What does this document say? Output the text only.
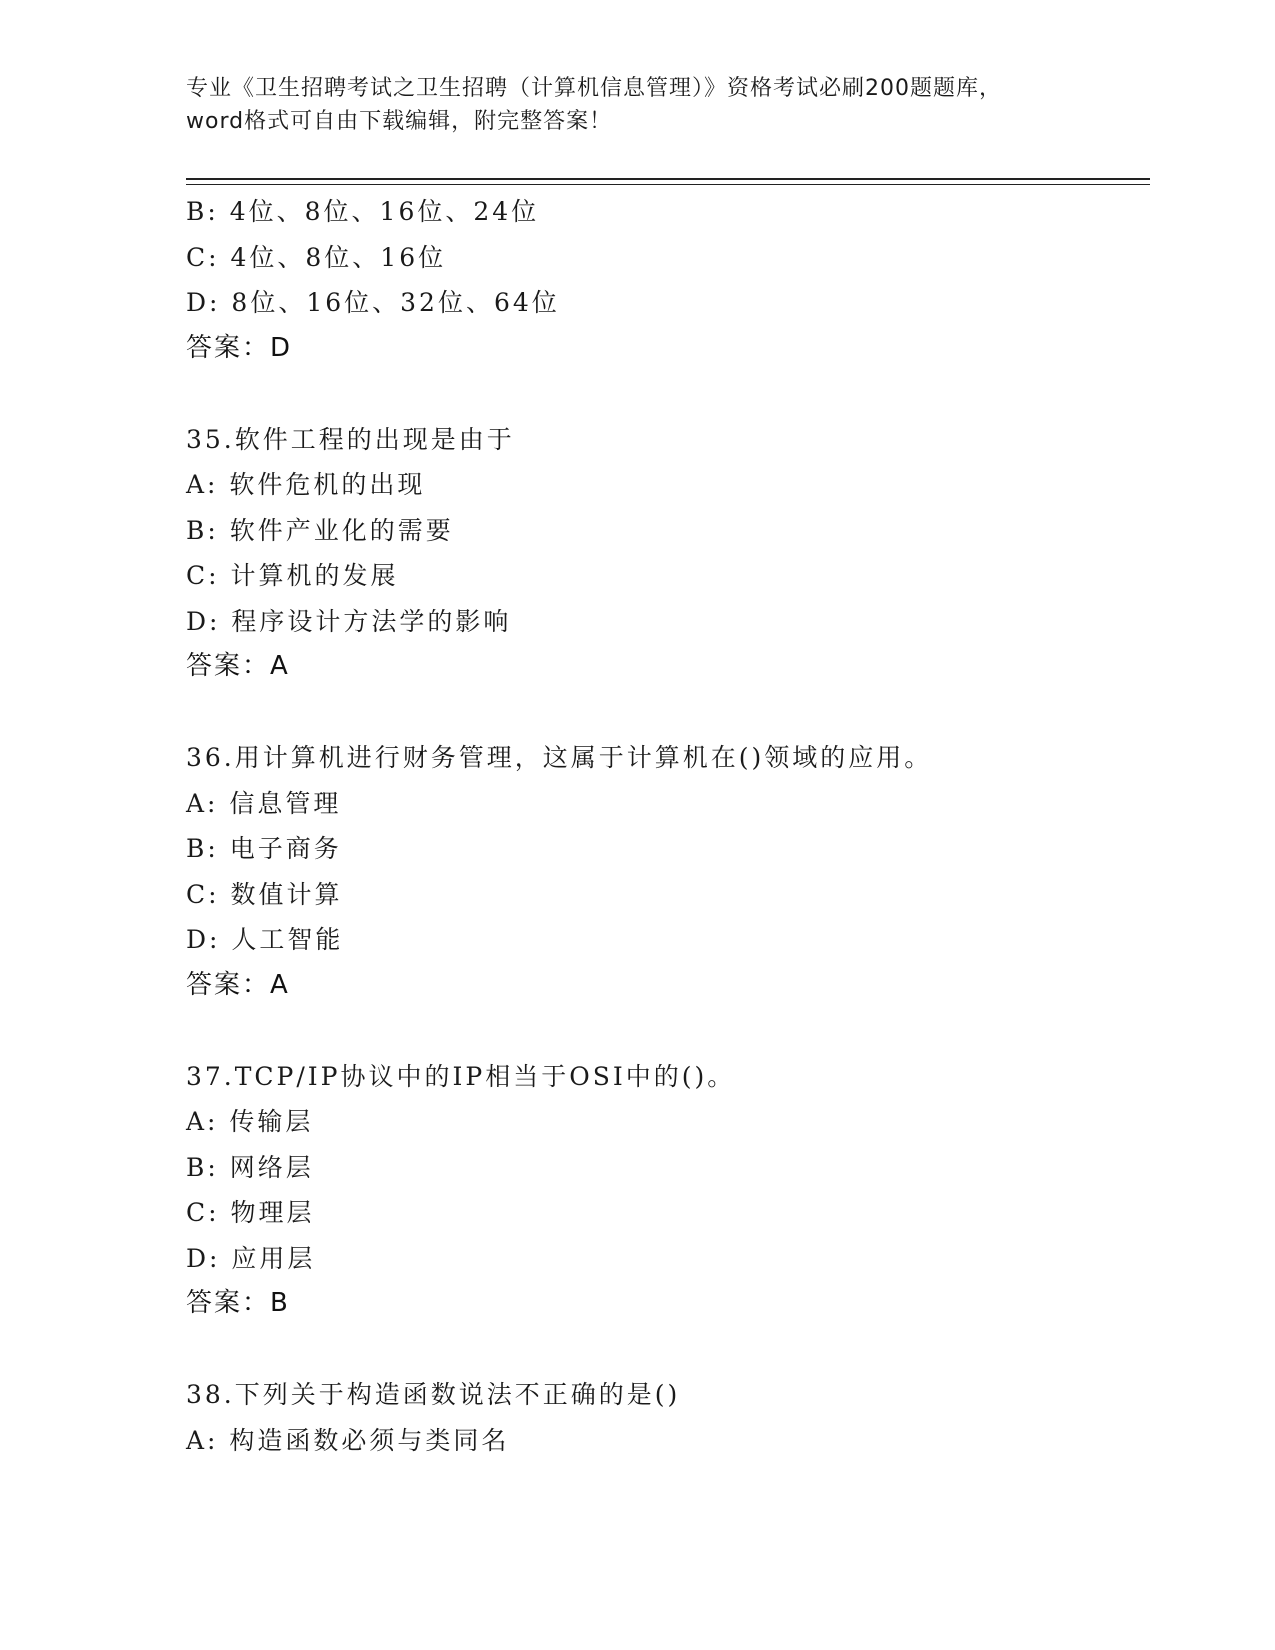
专业《卫生招聘考试之卫生招聘（计算机信息管理）》资格考试必刷200题题库，
word格式可自由下载编辑，附完整答案！
B: 4位、8位、16位、24位
C: 4位、8位、16位
D: 8位、16位、32位、64位
答案：D
35.软件工程的出现是由于
A: 软件危机的出现
B: 软件产业化的需要
C: 计算机的发展
D: 程序设计方法学的影响
答案：A
36.用计算机进行财务管理，这属于计算机在()领域的应用。
A: 信息管理
B: 电子商务
C: 数值计算
D: 人工智能
答案：A
37.TCP/IP协议中的IP相当于OSI中的()。
A: 传输层
B: 网络层
C: 物理层
D: 应用层
答案：B
38.下列关于构造函数说法不正确的是()
A: 构造函数必须与类同名
